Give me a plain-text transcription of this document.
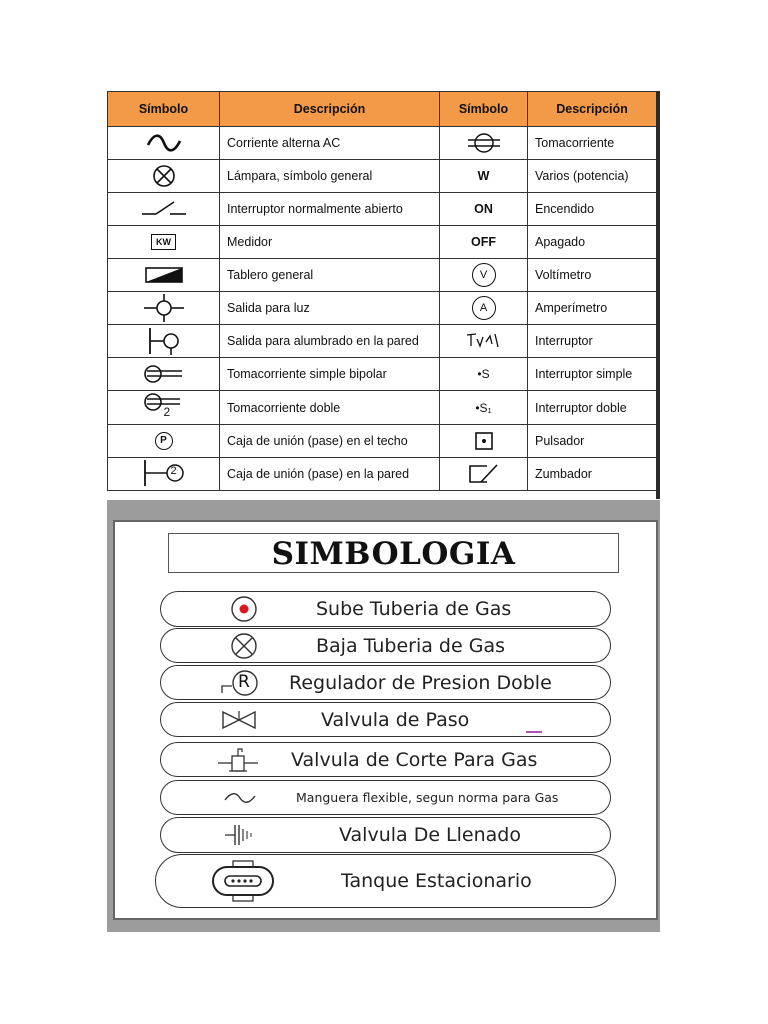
Símbolo	Descripción	Símbolo	Descripción

	Corriente alterna AC		Tomacorriente

	Lámpara, símbolo general	W	Varios (potencia)

	Interruptor normalmente abierto	ON	Encendido
KW	Medidor	OFF	Apagado

	Tablero general	V	Voltímetro

	Salida para luz	A	Amperímetro

	Salida para alumbrado en la pared		Interruptor

	Tomacorriente simple bipolar	•S	Interruptor simple

2	Tomacorriente doble	•S₁	Interruptor doble
P	Caja de unión (pase) en el techo		Pulsador

2	Caja de unión (pase) en la pared		Zumbador
SIMBOLOGIA
Sube Tuberia de Gas
Baja Tuberia de Gas
R Regulador de Presion Doble
Valvula de Paso
Valvula de Corte Para Gas
Manguera flexible, segun norma para Gas
Valvula De Llenado
Tanque Estacionario
